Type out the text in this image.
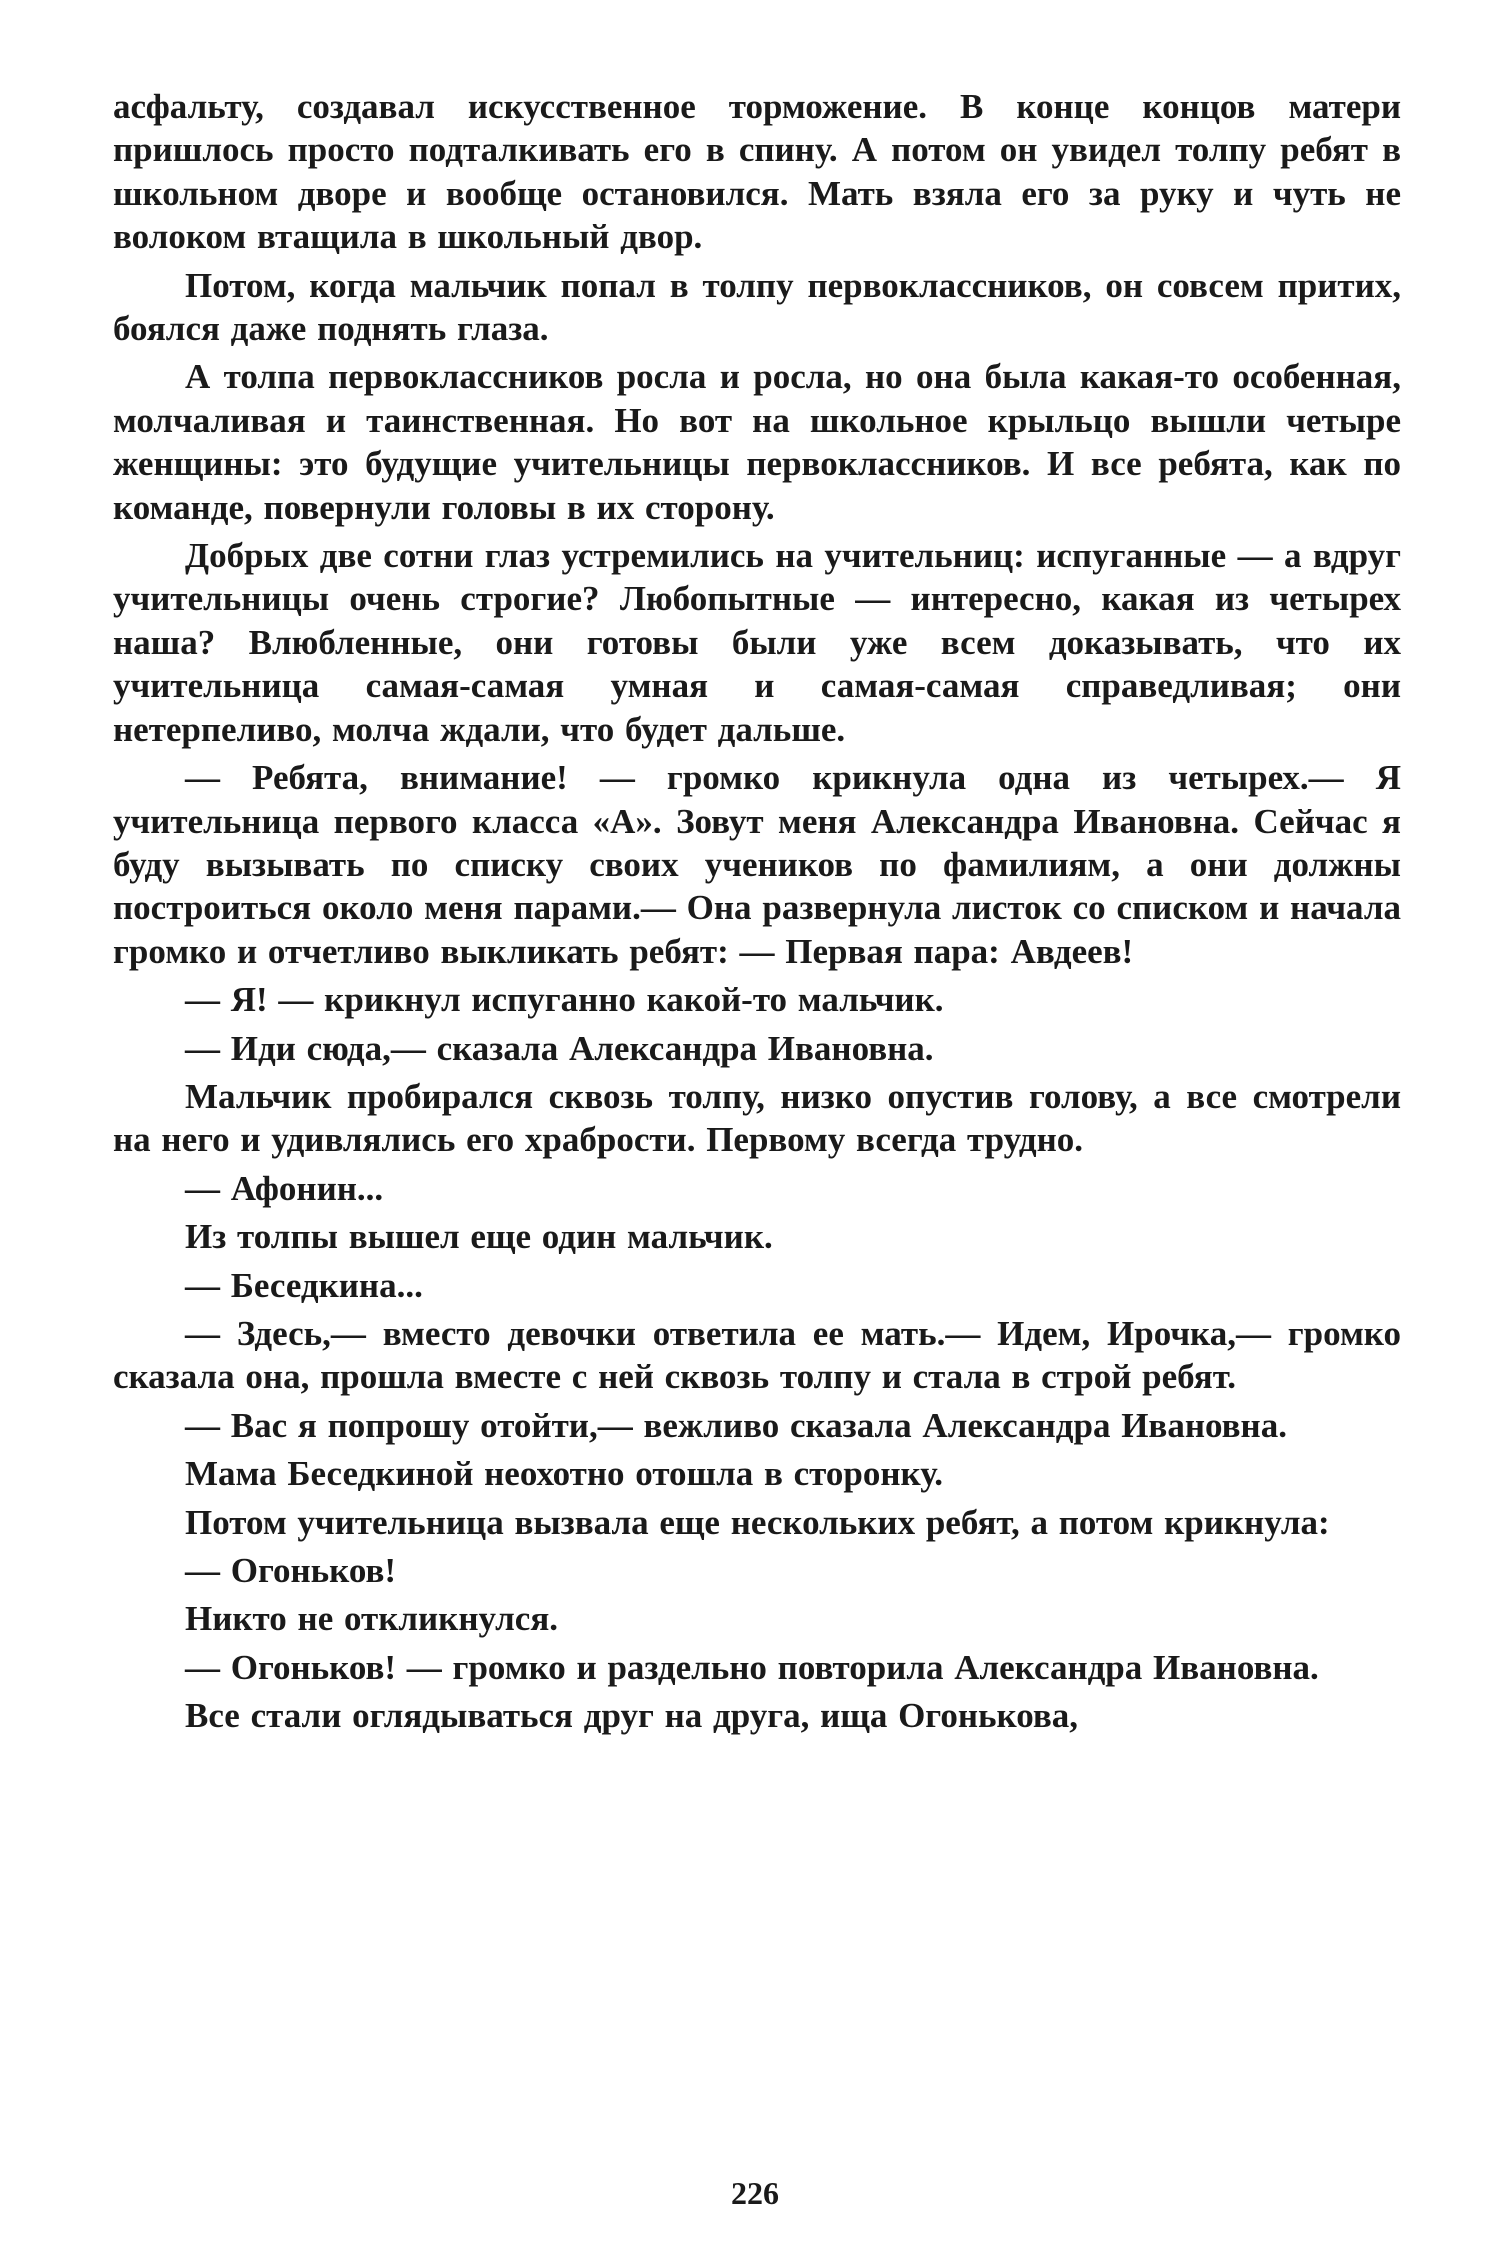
асфальту, создавал искусственное торможение. В конце концов матери пришлось просто подталкивать его в спину. А потом он увидел толпу ребят в школьном дворе и вообще остановился. Мать взяла его за руку и чуть не волоком втащила в школьный двор.

Потом, когда мальчик попал в толпу первоклассников, он совсем притих, боялся даже поднять глаза.

А толпа первоклассников росла и росла, но она была какая-то особенная, молчаливая и таинственная. Но вот на школьное крыльцо вышли четыре женщины: это будущие учительницы первоклассников. И все ребята, как по команде, повернули головы в их сторону.

Добрых две сотни глаз устремились на учительниц: испуганные — а вдруг учительницы очень строгие? Любопытные — интересно, какая из четырех наша? Влюбленные, они готовы были уже всем доказывать, что их учительница самая-самая умная и самая-самая справедливая; они нетерпеливо, молча ждали, что будет дальше.

— Ребята, внимание! — громко крикнула одна из четырех.— Я учительница первого класса «А». Зовут меня Александра Ивановна. Сейчас я буду вызывать по списку своих учеников по фамилиям, а они должны построиться около меня парами.— Она развернула листок со списком и начала громко и отчетливо выкликать ребят: — Первая пара: Авдеев!

— Я! — крикнул испуганно какой-то мальчик.

— Иди сюда,— сказала Александра Ивановна.

Мальчик пробирался сквозь толпу, низко опустив голову, а все смотрели на него и удивлялись его храбрости. Первому всегда трудно.

— Афонин...

Из толпы вышел еще один мальчик.

— Беседкина...

— Здесь,— вместо девочки ответила ее мать.— Идем, Ирочка,— громко сказала она, прошла вместе с ней сквозь толпу и стала в строй ребят.

— Вас я попрошу отойти,— вежливо сказала Александра Ивановна.

Мама Беседкиной неохотно отошла в сторонку.

Потом учительница вызвала еще нескольких ребят, а потом крикнула:

— Огоньков!

Никто не откликнулся.

— Огоньков! — громко и раздельно повторила Александра Ивановна.

Все стали оглядываться друг на друга, ища Огонькова,

226
